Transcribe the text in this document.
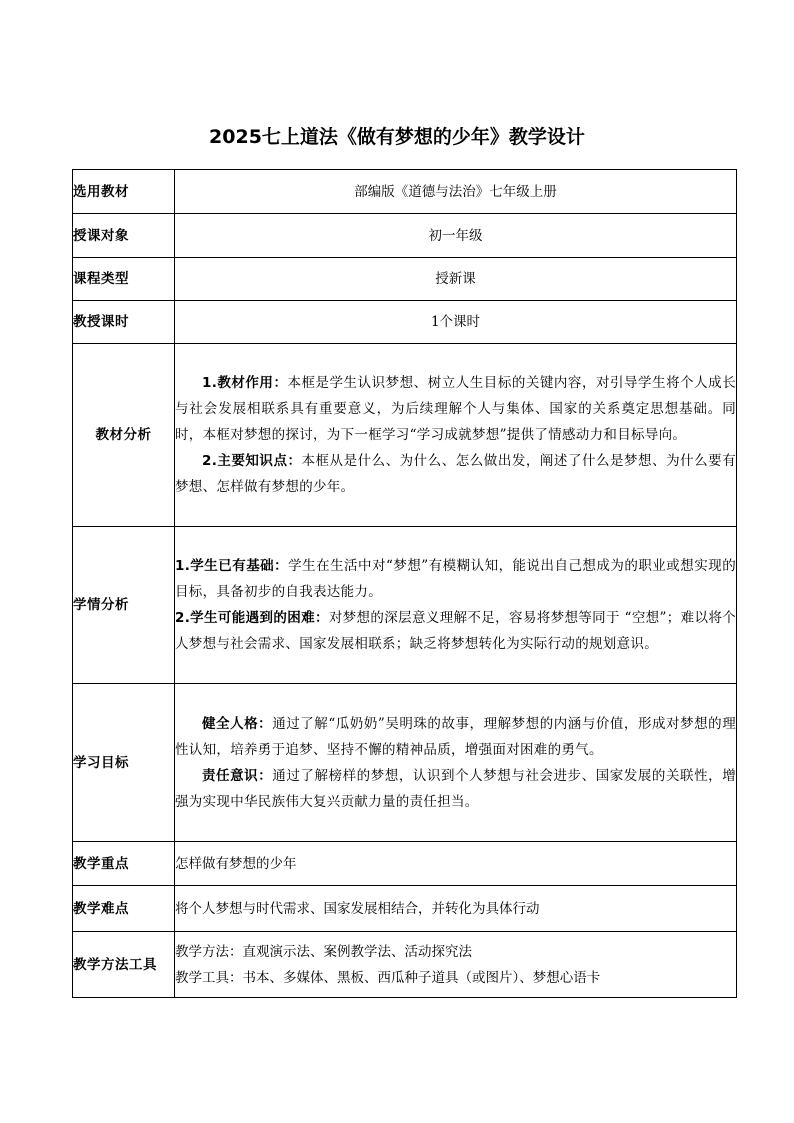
2025七上道法《做有梦想的少年》教学设计
选用教材	部编版《道德与法治》七年级上册
授课对象	初一年级
课程类型	授新课
教授课时	1个课时
教材分析	1.教材作用：本框是学生认识梦想、树立人生目标的关键内容，对引导学生将个人成长与社会发展相联系具有重要意义，为后续理解个人与集体、国家的关系奠定思想基础。同时，本框对梦想的探讨，为下一框学习“学习成就梦想”提供了情感动力和目标导向。

2.主要知识点：本框从是什么、为什么、怎么做出发，阐述了什么是梦想、为什么要有梦想、怎样做有梦想的少年。

学情分析	1.学生已有基础：学生在生活中对“梦想”有模糊认知，能说出自己想成为的职业或想实现的目标，具备初步的自我表达能力。

2.学生可能遇到的困难：对梦想的深层意义理解不足，容易将梦想等同于 “空想”；难以将个人梦想与社会需求、国家发展相联系；缺乏将梦想转化为实际行动的规划意识。

学习目标	健全人格：通过了解“瓜奶奶”吴明珠的故事，理解梦想的内涵与价值，形成对梦想的理性认知，培养勇于追梦、坚持不懈的精神品质，增强面对困难的勇气。

责任意识：通过了解榜样的梦想，认识到个人梦想与社会进步、国家发展的关联性，增强为实现中华民族伟大复兴贡献力量的责任担当。

教学重点	怎样做有梦想的少年
教学难点	将个人梦想与时代需求、国家发展相结合，并转化为具体行动
教学方法工具	教学方法：直观演示法、案例教学法、活动探究法
教学工具：书本、多媒体、黑板、西瓜种子道具（或图片）、梦想心语卡
